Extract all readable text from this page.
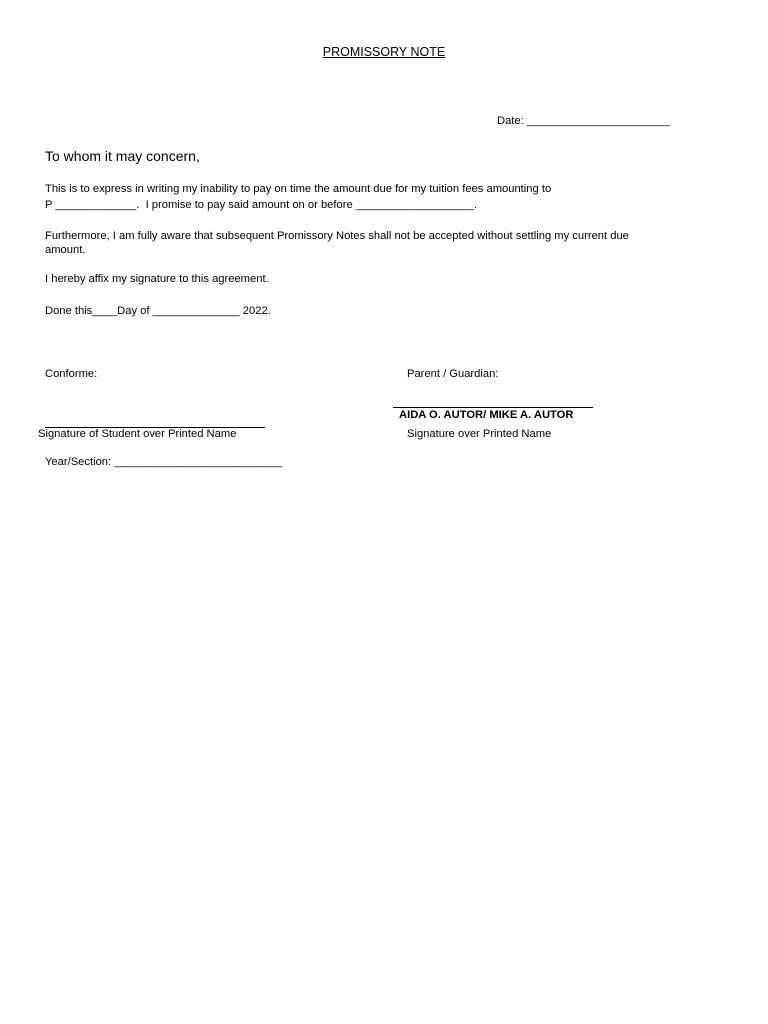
PROMISSORY NOTE
Date: _______________________
To whom it may concern,
This is to express in writing my inability to pay on time the amount due for my tuition fees amounting to
P _____________.  I promise to pay said amount on or before ___________________.
Furthermore, I am fully aware that subsequent Promissory Notes shall not be accepted without settling my current due
amount.
I hereby affix my signature to this agreement.
Done this____Day of ______________ 2022.
Conforme:	Parent / Guardian:
AIDA O. AUTOR/ MIKE A. AUTOR
Signature of Student over Printed Name	Signature over Printed Name
Year/Section: ___________________________
